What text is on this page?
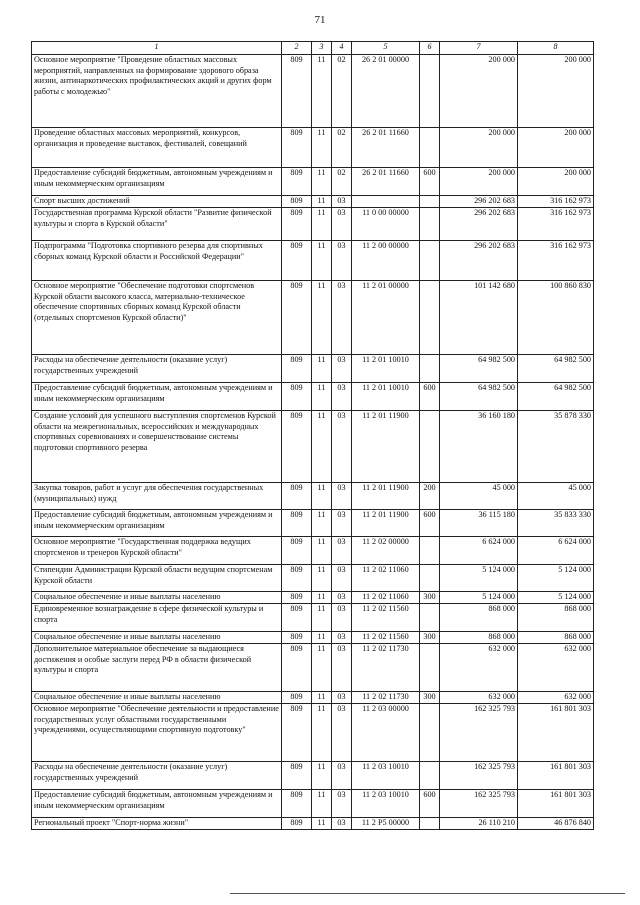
71
1	2	3	4	5	6	7	8
Основное мероприятие "Проведение областных массовых мероприятий, направленных на формирование здорового образа жизни, антинаркотических профилактических акций и других форм работы с молодежью"	809	11	02	26 2 01 00000		200 000	200 000
Проведение областных массовых мероприятий, конкурсов, организация и проведение выставок, фестивалей, совещаний	809	11	02	26 2 01 11660		200 000	200 000
Предоставление субсидий бюджетным, автономным учреждениям и иным некоммерческим организациям	809	11	02	26 2 01 11660	600	200 000	200 000
Спорт высших достижений	809	11	03			296 202 683	316 162 973
Государственная программа Курской области "Развитие физической культуры и спорта в Курской области"	809	11	03	11 0 00 00000		296 202 683	316 162 973
Подпрограмма "Подготовка спортивного резерва для спортивных сборных команд Курской области и Российской Федерации"	809	11	03	11 2 00 00000		296 202 683	316 162 973
Основное мероприятие "Обеспечение подготовки спортсменов Курской области высокого класса, материально-техническое обеспечение спортивных сборных команд Курской области (отдельных спортсменов Курской области)"	809	11	03	11 2 01 00000		101 142 680	100 860 830
Расходы на обеспечение деятельности (оказание услуг) государственных учреждений	809	11	03	11 2 01 10010		64 982 500	64 982 500
Предоставление субсидий бюджетным, автономным учреждениям и иным некоммерческим организациям	809	11	03	11 2 01 10010	600	64 982 500	64 982 500
Создание условий для успешного выступления спортсменов Курской области на межрегиональных, всероссийских и международных спортивных соревнованиях и совершенствование системы подготовки спортивного резерва	809	11	03	11 2 01 11900		36 160 180	35 878 330
Закупка товаров, работ и услуг для обеспечения государственных (муниципальных) нужд	809	11	03	11 2 01 11900	200	45 000	45 000
Предоставление субсидий бюджетным, автономным учреждениям и иным некоммерческим организациям	809	11	03	11 2 01 11900	600	36 115 180	35 833 330
Основное мероприятие "Государственная поддержка ведущих спортсменов и тренеров Курской области"	809	11	03	11 2 02 00000		6 624 000	6 624 000
Стипендии Администрации Курской области ведущим спортсменам Курской области	809	11	03	11 2 02 11060		5 124 000	5 124 000
Социальное обеспечение и иные выплаты населению	809	11	03	11 2 02 11060	300	5 124 000	5 124 000
Единовременное вознаграждение в сфере физической культуры и спорта	809	11	03	11 2 02 11560		868 000	868 000
Социальное обеспечение и иные выплаты населению	809	11	03	11 2 02 11560	300	868 000	868 000
Дополнительное материальное обеспечение за выдающиеся достижения и особые заслуги перед РФ в области физической культуры и спорта	809	11	03	11 2 02 11730		632 000	632 000
Социальное обеспечение и иные выплаты населению	809	11	03	11 2 02 11730	300	632 000	632 000
Основное мероприятие "Обеспечение деятельности и предоставление государственных услуг областными государственными учреждениями, осуществляющими спортивную подготовку"	809	11	03	11 2 03 00000		162 325 793	161 801 303
Расходы на обеспечение деятельности (оказание услуг) государственных учреждений	809	11	03	11 2 03 10010		162 325 793	161 801 303
Предоставление субсидий бюджетным, автономным учреждениям и иным некоммерческим организациям	809	11	03	11 2 03 10010	600	162 325 793	161 801 303
Региональный проект "Спорт-норма жизни"	809	11	03	11 2 P5 00000		26 110 210	46 876 840
